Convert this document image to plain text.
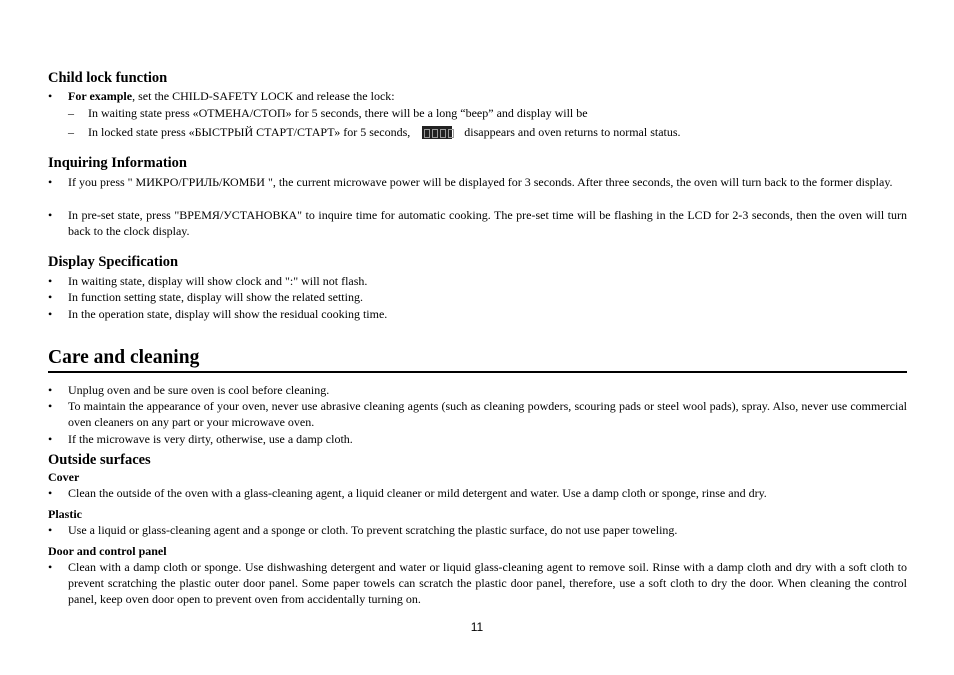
Child lock function
•	For example, set the CHILD-SAFETY LOCK and release the lock:
– In waiting state press «ОТМЕНА/СТОП» for 5 seconds, there will be a long “beep” and display will be
– In locked state press «БЫСТРЫЙ СТАРТ/СТАРТ» for 5 seconds,	disappears and oven returns to normal status.
Inquiring Information
•	If you press " МИКРО/ГРИЛЬ/КОМБИ ", the current microwave power will be displayed for 3 seconds. After three seconds, the oven will turn back to the former display.
•	In pre-set state, press "ВРЕМЯ/УСТАНОВКА" to inquire time for automatic cooking. The pre-set time will be flashing in the LCD for 2-3 seconds, then the oven will turn back to the clock display.
Display Specification
•	In waiting state, display will show clock and ":" will not flash.
•	In function setting state, display will show the related setting.
•	In the operation state, display will show the residual cooking time.
Care and cleaning
•	Unplug oven and be sure oven is cool before cleaning.
•	To maintain the appearance of your oven, never use abrasive cleaning agents (such as cleaning powders, scouring pads or steel wool pads), spray. Also, never use commercial oven cleaners on any part or your microwave oven.
•	If the microwave is very dirty, otherwise, use a damp cloth.
Outside surfaces
Cover
•	Clean the outside of the oven with a glass-cleaning agent, a liquid cleaner or mild detergent and water. Use a damp cloth or sponge, rinse and dry.
Plastic
•	Use a liquid or glass-cleaning agent and a sponge or cloth. To prevent scratching the plastic surface, do not use paper toweling.
Door and control panel
•	Clean with a damp cloth or sponge. Use dishwashing detergent and water or liquid glass-cleaning agent to remove soil. Rinse with a damp cloth and dry with a soft cloth to prevent scratching the plastic outer door panel. Some paper towels can scratch the plastic door panel, therefore, use a soft cloth to dry the door. When cleaning the control panel, keep oven door open to prevent oven from accidentally turning on.
11
